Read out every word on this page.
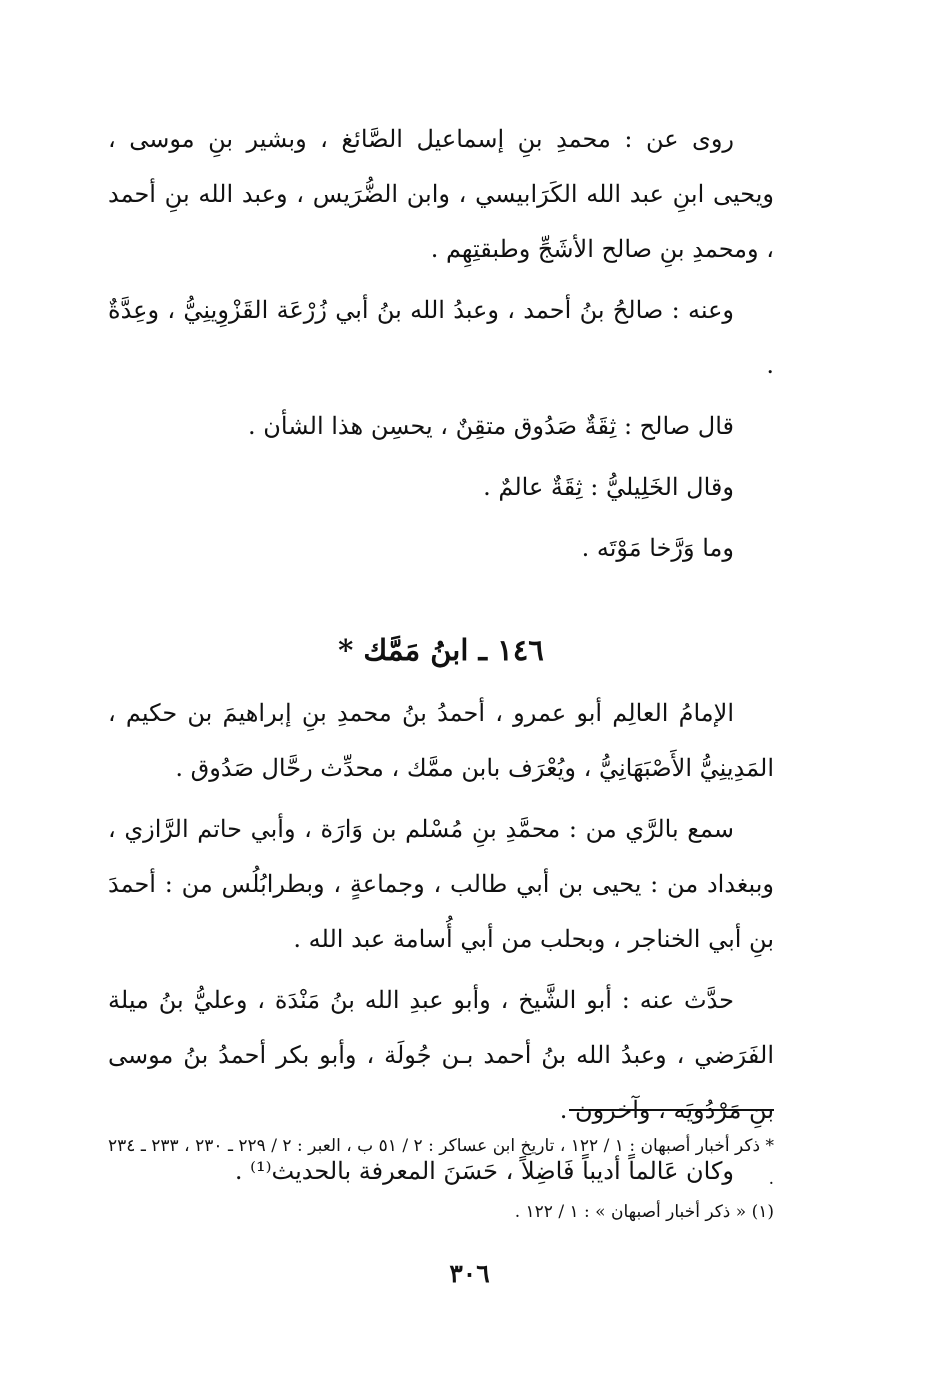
روى عن : محمدِ بنِ إسماعيل الصَّائغ ، وبشير بنِ موسى ، ويحيى ابنِ عبد الله الكَرَابيسي ، وابن الضُّرَيس ، وعبد الله بنِ أحمد ، ومحمدِ بنِ صالح الأشَجِّ وطبقتِهِم .

وعنه : صالحُ بنُ أحمد ، وعبدُ الله بنُ أبي زُرْعَة القَزْوِينِيُّ ، وعِدَّةٌ .

قال صالح : ثِقَةٌ صَدُوق متقِنٌ ، يحسِن هذا الشأن .

وقال الخَلِيليُّ : ثِقَةٌ عالمٌ .

وما وَرَّخا مَوْتَه .

١٤٦ ـ ابنُ مَمَّك *

الإمامُ العالِم أبو عمرو ، أحمدُ بنُ محمدِ بنِ إبراهيمَ بن حكيم ، المَدِينِيُّ الأَصْبَهَانِيُّ ، ويُعْرَف بابن ممَّك ، محدِّث رحَّال صَدُوق .

سمع بالرَّي من : محمَّدِ بنِ مُسْلم بن وَارَة ، وأبي حاتم الرَّازي ، وببغداد من : يحيى بن أبي طالب ، وجماعةٍ ، وبطرابُلُس من : أحمدَ بنِ أبي الخناجر ، وبحلب من أبي أُسامة عبد الله .

حدَّث عنه : أبو الشَّيخ ، وأبو عبدِ الله بنُ مَنْدَة ، وعليُّ بنُ ميلة الفَرَضي ، وعبدُ الله بنُ أحمد بـن جُولَة ، وأبو بكر أحمدُ بنُ موسى بنِ مَرْدُويَه ، وآخرون .

وكان عَالماً أديباً فَاضِلاً ، حَسَنَ المعرفة بالحديث⁽¹⁾ .

* ذكر أخبار أصبهان : ١ / ١٢٢ ، تاريخ ابن عساكر : ٢ / ٥١ ب ، العبر : ٢ / ٢٢٩ ـ ٢٣٠ ، ٢٣٣ ـ ٢٣٤ .

(١) « ذكر أخبار أصبهان » : ١ / ١٢٢ .

٣٠٦
